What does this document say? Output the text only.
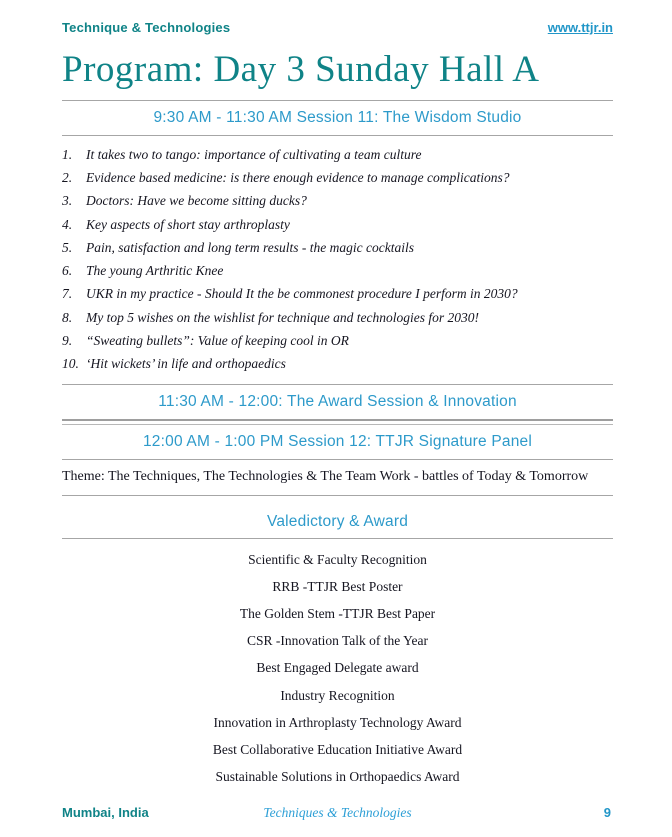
Technique & Technologies	www.ttjr.in
Program: Day 3 Sunday Hall A
9:30 AM - 11:30 AM Session 11: The Wisdom Studio
1.	It takes two to tango: importance of cultivating a team culture
2.	Evidence based medicine: is there enough evidence to manage complications?
3.	Doctors: Have we become sitting ducks?
4.	Key aspects of short stay arthroplasty
5.	Pain, satisfaction and long term results - the magic cocktails
6.	The young Arthritic Knee
7.	UKR in my practice - Should It the be commonest procedure I perform in 2030?
8.	My top 5 wishes on the wishlist for technique and technologies for 2030!
9.	“Sweating bullets”: Value of keeping cool in OR
10. ‘Hit wickets’ in life and orthopaedics
11:30 AM - 12:00: The Award Session & Innovation
12:00 AM - 1:00 PM Session 12: TTJR Signature Panel
Theme: The Techniques, The Technologies & The Team Work - battles of Today & Tomorrow
Valedictory & Award
Scientific & Faculty Recognition
RRB -TTJR Best Poster
The Golden Stem -TTJR Best Paper
CSR -Innovation Talk of the Year
Best Engaged Delegate award
Industry Recognition
Innovation in Arthroplasty Technology Award
Best Collaborative Education Initiative Award
Sustainable Solutions in Orthopaedics Award
Mumbai, India	Techniques & Technologies	9
